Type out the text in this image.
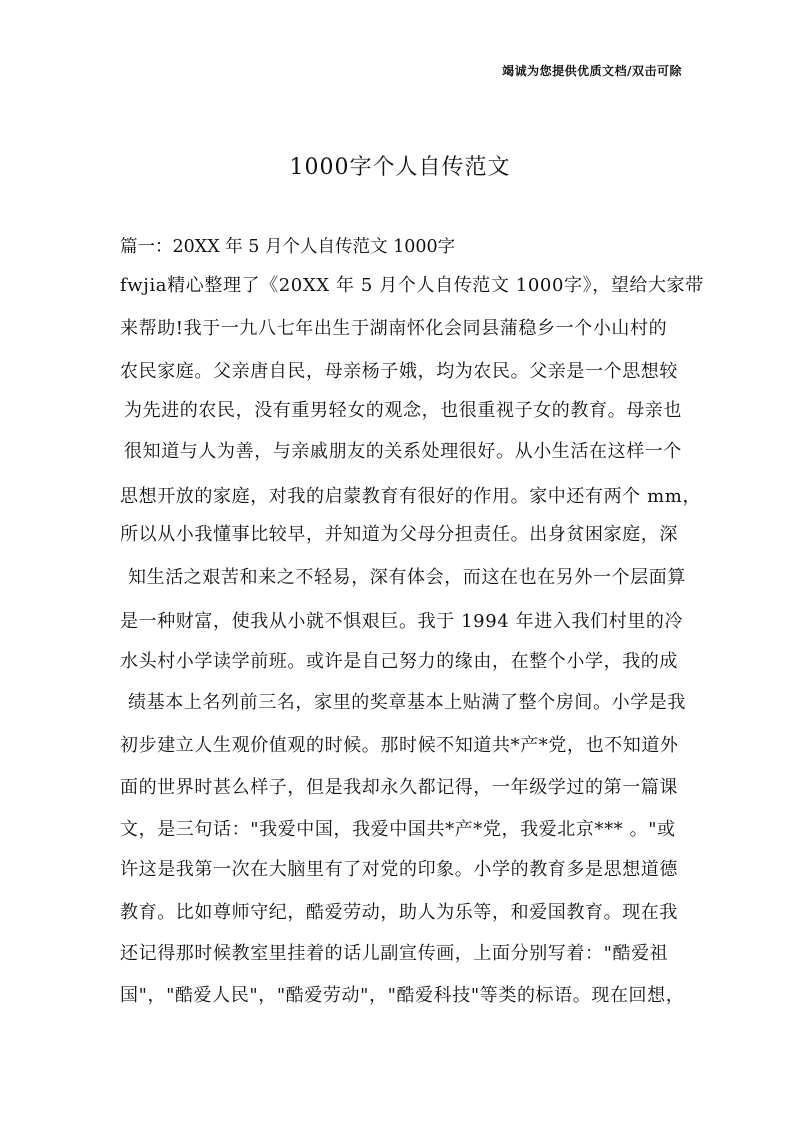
竭诚为您提供优质文档/双击可除
1000字个人自传范文
篇一：20XX 年 5 月个人自传范文 1000字
fwjia精心整理了《20XX 年 5 月个人自传范文 1000字》，望给大家带
来帮助!我于一九八七年出生于湖南怀化会同县蒲稳乡一个小山村的
农民家庭。父亲唐自民，母亲杨子娥，均为农民。父亲是一个思想较
为先进的农民，没有重男轻女的观念，也很重视子女的教育。母亲也
很知道与人为善，与亲戚朋友的关系处理很好。从小生活在这样一个
思想开放的家庭，对我的启蒙教育有很好的作用。家中还有两个 mm，
所以从小我懂事比较早，并知道为父母分担责任。出身贫困家庭，深
知生活之艰苦和来之不轻易，深有体会，而这在也在另外一个层面算
是一种财富，使我从小就不惧艰巨。我于 1994 年进入我们村里的冷
水头村小学读学前班。或许是自己努力的缘由，在整个小学，我的成
绩基本上名列前三名，家里的奖章基本上贴满了整个房间。小学是我
初步建立人生观价值观的时候。那时候不知道共*产*党，也不知道外
面的世界时甚么样子，但是我却永久都记得，一年级学过的第一篇课
文，是三句话："我爱中国，我爱中国共*产*党，我爱北京*** 。"或
许这是我第一次在大脑里有了对党的印象。小学的教育多是思想道德
教育。比如尊师守纪，酷爱劳动，助人为乐等，和爱国教育。现在我
还记得那时候教室里挂着的话儿副宣传画，上面分别写着："酷爱祖
国"，"酷爱人民"，"酷爱劳动"，"酷爱科技"等类的标语。现在回想，
